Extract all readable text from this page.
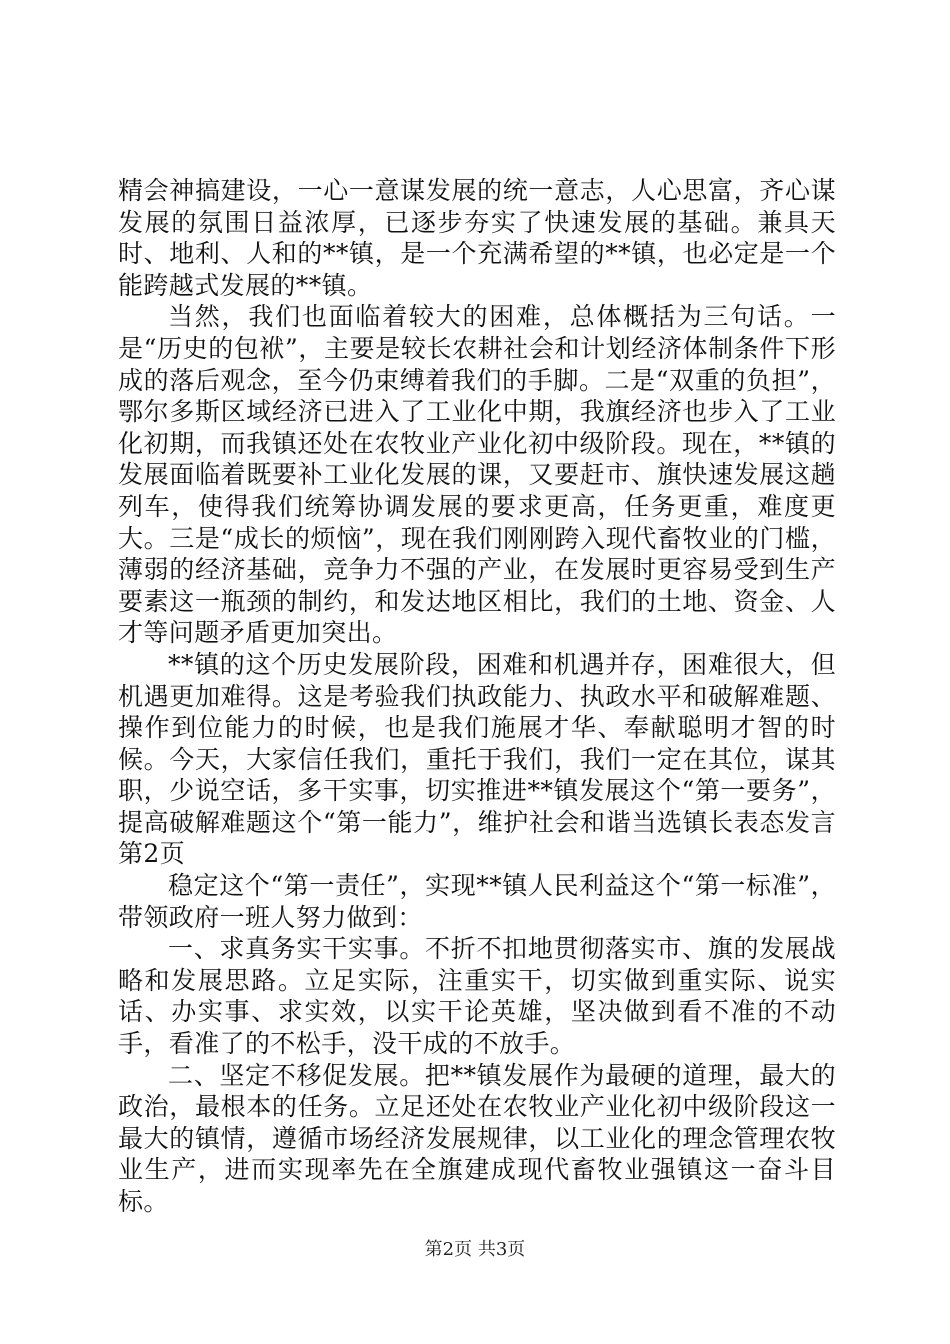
精会神搞建设，一心一意谋发展的统一意志，人心思富，齐心谋发展的氛围日益浓厚，已逐步夯实了快速发展的基础。兼具天时、地利、人和的**镇，是一个充满希望的**镇，也必定是一个能跨越式发展的**镇。

当然，我们也面临着较大的困难，总体概括为三句话。一是“历史的包袱”，主要是较长农耕社会和计划经济体制条件下形成的落后观念，至今仍束缚着我们的手脚。二是“双重的负担”，鄂尔多斯区域经济已进入了工业化中期，我旗经济也步入了工业化初期，而我镇还处在农牧业产业化初中级阶段。现在，**镇的发展面临着既要补工业化发展的课，又要赶市、旗快速发展这趟列车，使得我们统筹协调发展的要求更高，任务更重，难度更大。三是“成长的烦恼”，现在我们刚刚跨入现代畜牧业的门槛，薄弱的经济基础，竞争力不强的产业，在发展时更容易受到生产要素这一瓶颈的制约，和发达地区相比，我们的土地、资金、人才等问题矛盾更加突出。

**镇的这个历史发展阶段，困难和机遇并存，困难很大，但机遇更加难得。这是考验我们执政能力、执政水平和破解难题、操作到位能力的时候，也是我们施展才华、奉献聪明才智的时候。今天，大家信任我们，重托于我们，我们一定在其位，谋其职，少说空话，多干实事，切实推进**镇发展这个“第一要务”，提高破解难题这个“第一能力”，维护社会和谐当选镇长表态发言第2页

稳定这个“第一责任”，实现**镇人民利益这个“第一标准”，带领政府一班人努力做到：

一、求真务实干实事。不折不扣地贯彻落实市、旗的发展战略和发展思路。立足实际，注重实干，切实做到重实际、说实话、办实事、求实效，以实干论英雄，坚决做到看不准的不动手，看准了的不松手，没干成的不放手。

二、坚定不移促发展。把**镇发展作为最硬的道理，最大的政治，最根本的任务。立足还处在农牧业产业化初中级阶段这一最大的镇情，遵循市场经济发展规律，以工业化的理念管理农牧业生产，进而实现率先在全旗建成现代畜牧业强镇这一奋斗目标。

第2页 共3页
